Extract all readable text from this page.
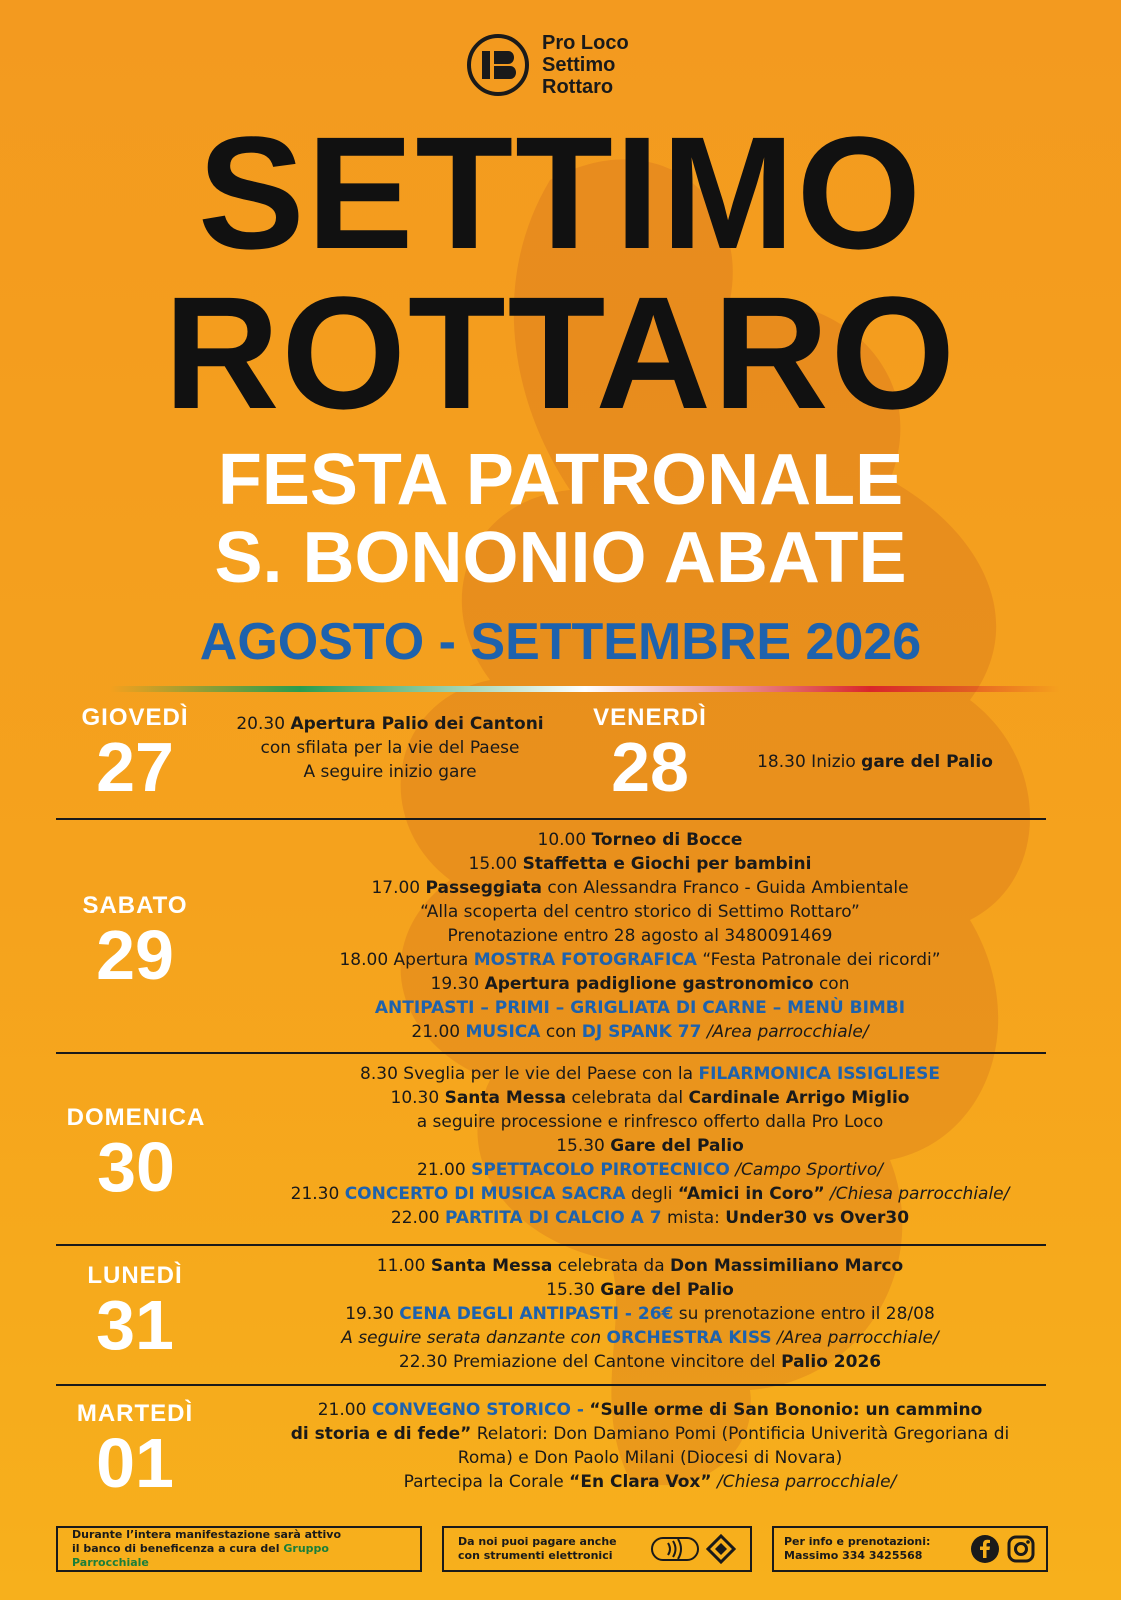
Pro Loco
Settimo
Rottaro
SETTIMO
ROTTARO
FESTA PATRONALE
S. BONONIO ABATE
AGOSTO - SETTEMBRE 2026
GIOVEDÌ
27
20.30 Apertura Palio dei Cantoni
con sfilata per la vie del Paese
A seguire inizio gare
VENERDÌ
28	18.30 Inizio gare del Palio
SABATO
29
10.00 Torneo di Bocce
15.00 Staffetta e Giochi per bambini
17.00 Passeggiata con Alessandra Franco - Guida Ambientale
“Alla scoperta del centro storico di Settimo Rottaro”
Prenotazione entro 28 agosto al 3480091469
18.00 Apertura MOSTRA FOTOGRAFICA “Festa Patronale dei ricordi”
19.30 Apertura padiglione gastronomico con
ANTIPASTI – PRIMI – GRIGLIATA DI CARNE – MENÙ BIMBI
21.00 MUSICA con DJ SPANK 77 /Area parrocchiale/
DOMENICA
30
8.30 Sveglia per le vie del Paese con la FILARMONICA ISSIGLIESE
10.30 Santa Messa celebrata dal Cardinale Arrigo Miglio
a seguire processione e rinfresco offerto dalla Pro Loco
15.30 Gare del Palio
21.00 SPETTACOLO PIROTECNICO /Campo Sportivo/
21.30 CONCERTO DI MUSICA SACRA degli “Amici in Coro” /Chiesa parrocchiale/
22.00 PARTITA DI CALCIO A 7 mista: Under30 vs Over30
LUNEDÌ
31
11.00 Santa Messa celebrata da Don Massimiliano Marco
15.30 Gare del Palio
19.30 CENA DEGLI ANTIPASTI - 26€ su prenotazione entro il 28/08
A seguire serata danzante con ORCHESTRA KISS /Area parrocchiale/
22.30 Premiazione del Cantone vincitore del Palio 2026
MARTEDÌ
01
21.00 CONVEGNO STORICO - “Sulle orme di San Bononio: un cammino
di storia e di fede” Relatori: Don Damiano Pomi (Pontificia Univerità Gregoriana di
Roma) e Don Paolo Milani (Diocesi di Novara)
Partecipa la Corale “En Clara Vox” /Chiesa parrocchiale/
Durante l’intera manifestazione sarà attivo
il banco di beneficenza a cura del Gruppo Parrocchiale
Da noi puoi pagare anche
con strumenti elettronici
Per info e prenotazioni:
Massimo 334 3425568
